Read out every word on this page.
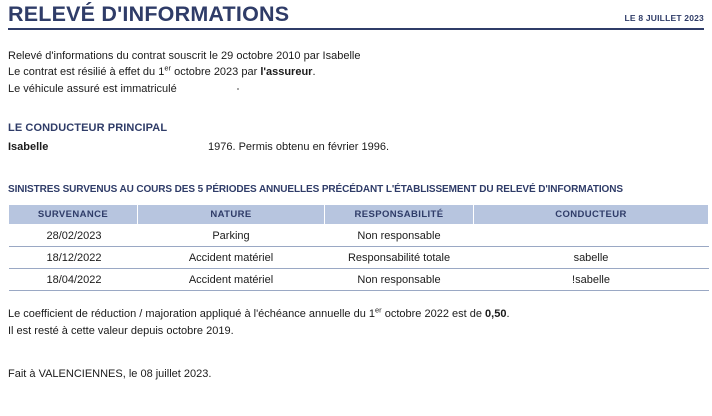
RELEVÉ D'INFORMATIONS	LE 8 JUILLET 2023
Relevé d'informations du contrat souscrit le 29 octobre 2010 par Isabelle
Le contrat est résilié à effet du 1er octobre 2023 par l'assureur.
Le véhicule assuré est immatriculé
LE CONDUCTEUR PRINCIPAL
Isabelle	1976. Permis obtenu en février 1996.
SINISTRES SURVENUS AU COURS DES 5 PÉRIODES ANNUELLES PRÉCÉDANT L'ÉTABLISSEMENT DU RELEVÉ D'INFORMATIONS
SURVENANCE	NATURE	RESPONSABILITÉ	CONDUCTEUR
28/02/2023	Parking	Non responsable	
18/12/2022	Accident matériel	Responsabilité totale	sabelle
18/04/2022	Accident matériel	Non responsable	!sabelle
Le coefficient de réduction / majoration appliqué à l'échéance annuelle du 1er octobre 2022 est de 0,50.
Il est resté à cette valeur depuis octobre 2019.
Fait à VALENCIENNES, le 08 juillet 2023.
